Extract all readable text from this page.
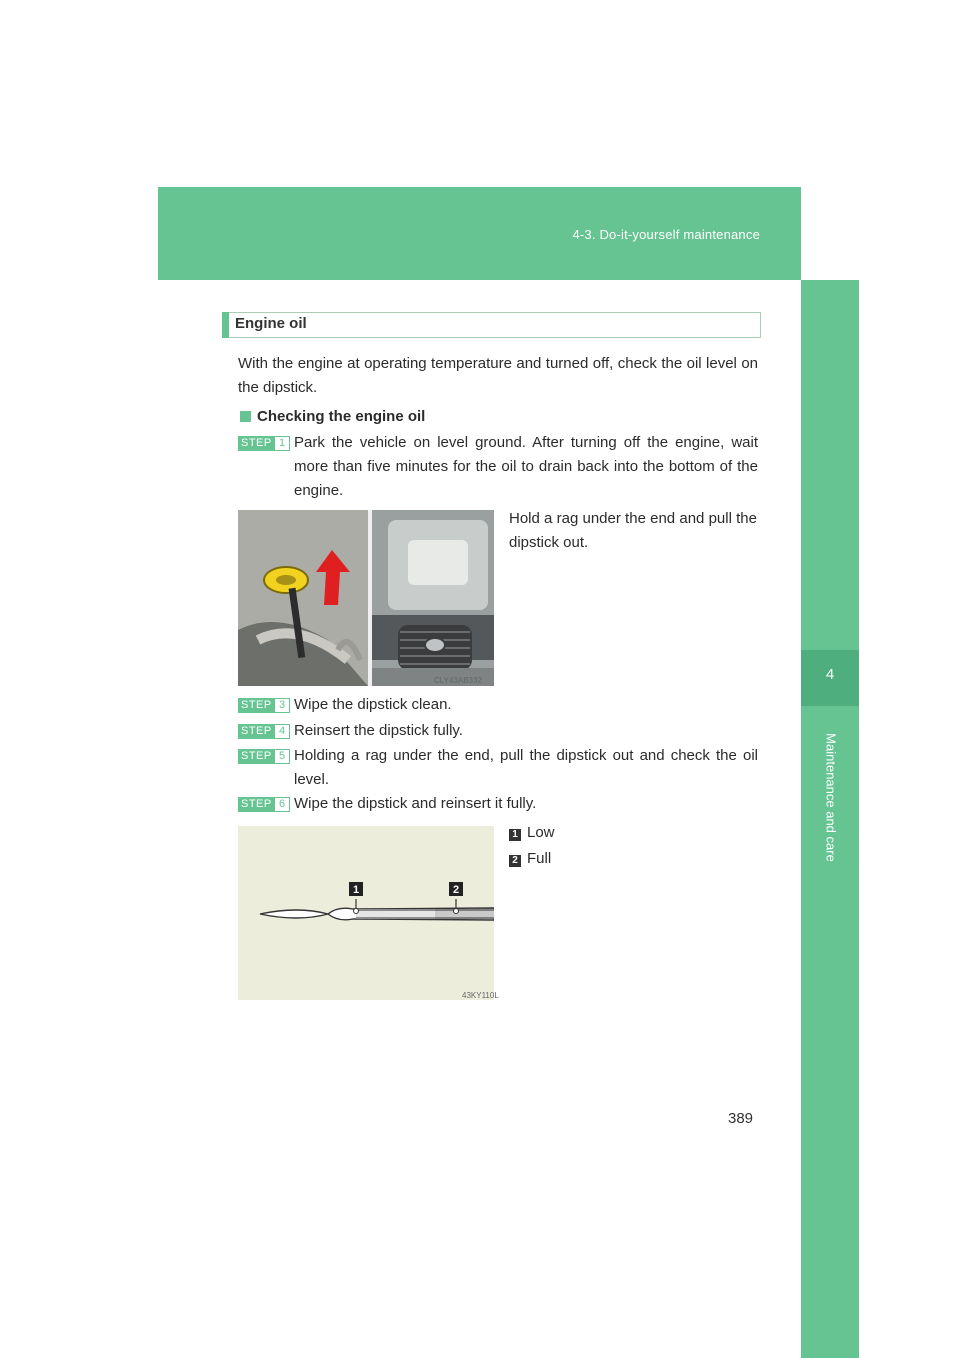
4-3. Do-it-yourself maintenance
4
Maintenance and care
Engine oil
With the engine at operating temperature and turned off, check the oil level on the dipstick.
Checking the engine oil
STEP 1 Park the vehicle on level ground. After turning off the engine, wait more than five minutes for the oil to drain back into the bottom of the engine.
Hold a rag under the end and pull the dipstick out.
CLY43AB332
STEP 3 Wipe the dipstick clean.
STEP 4 Reinsert the dipstick fully.
STEP 5 Holding a rag under the end, pull the dipstick out and check the oil level.
STEP 6 Wipe the dipstick and reinsert it fully.
1	2
43KY110L
1 Low
2 Full
389
